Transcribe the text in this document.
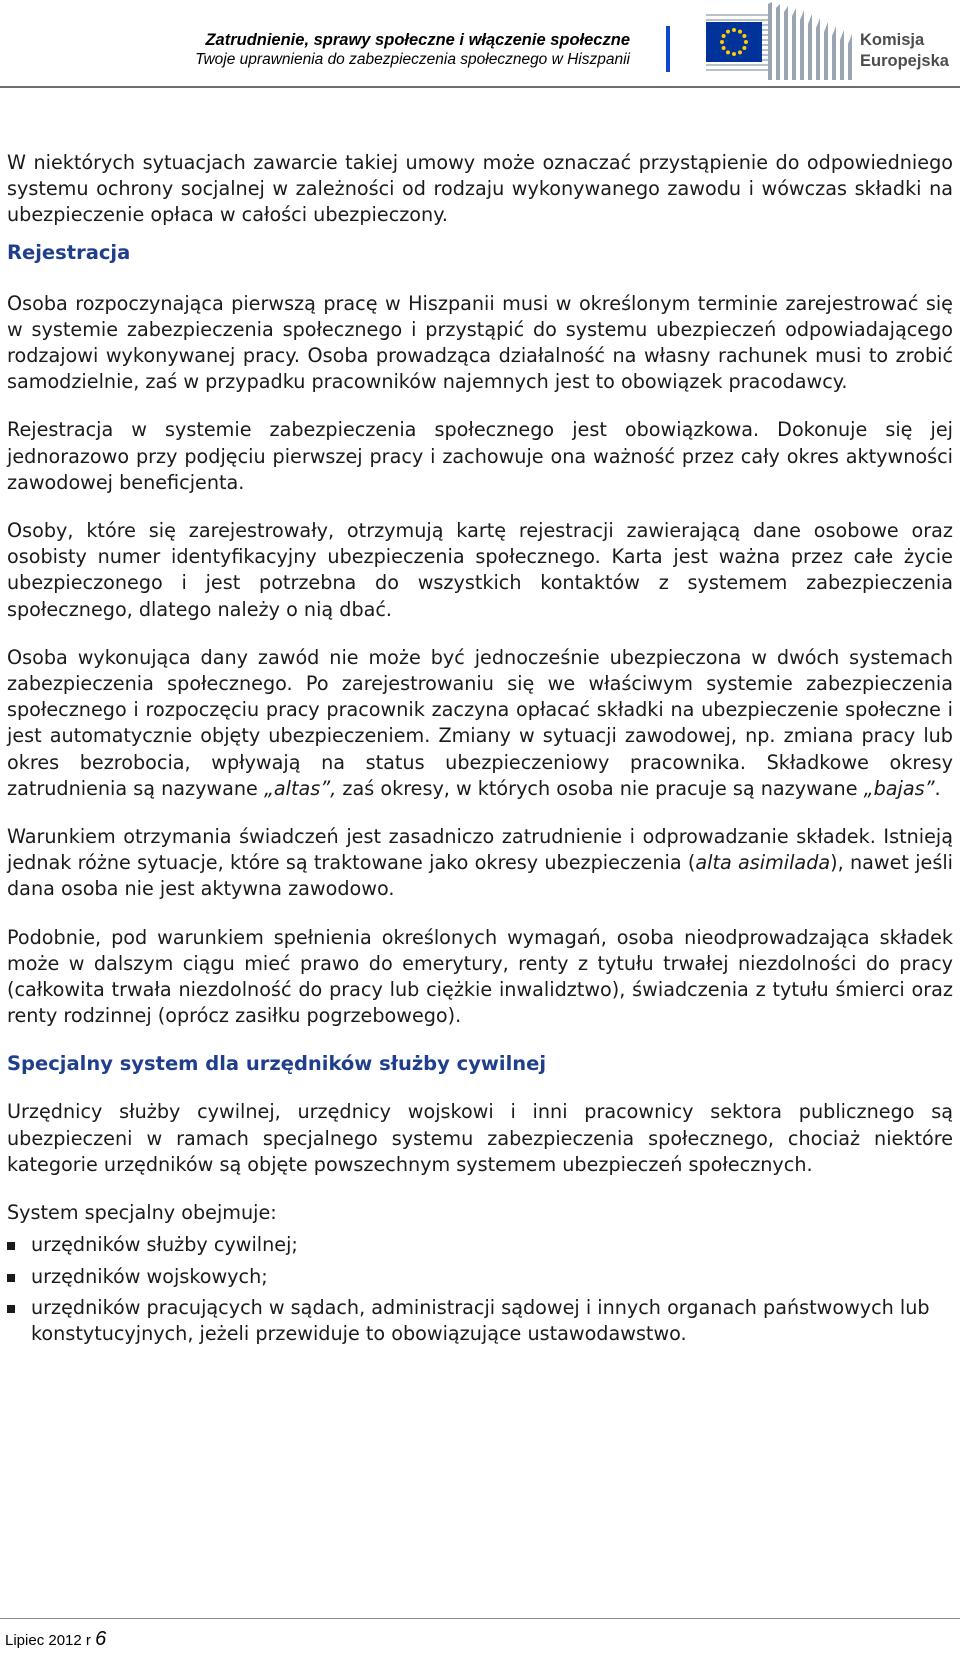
Zatrudnienie, sprawy społeczne i włączenie społeczne
Twoje uprawnienia do zabezpieczenia społecznego w Hiszpanii
Komisja
Europejska

W niektórych sytuacjach zawarcie takiej umowy może oznaczać przystąpienie do odpowiedniego systemu ochrony socjalnej w zależności od rodzaju wykonywanego zawodu i wówczas składki na ubezpieczenie opłaca w całości ubezpieczony.

Rejestracja

Osoba rozpoczynająca pierwszą pracę w Hiszpanii musi w określonym terminie zarejestrować się w systemie zabezpieczenia społecznego i przystąpić do systemu ubezpieczeń odpowiadającego rodzajowi wykonywanej pracy. Osoba prowadząca działalność na własny rachunek musi to zrobić samodzielnie, zaś w przypadku pracowników najemnych jest to obowiązek pracodawcy.

Rejestracja w systemie zabezpieczenia społecznego jest obowiązkowa. Dokonuje się jej jednorazowo przy podjęciu pierwszej pracy i zachowuje ona ważność przez cały okres aktywności zawodowej beneficjenta.

Osoby, które się zarejestrowały, otrzymują kartę rejestracji zawierającą dane osobowe oraz osobisty numer identyfikacyjny ubezpieczenia społecznego. Karta jest ważna przez całe życie ubezpieczonego i jest potrzebna do wszystkich kontaktów z systemem zabezpieczenia społecznego, dlatego należy o nią dbać.

Osoba wykonująca dany zawód nie może być jednocześnie ubezpieczona w dwóch systemach zabezpieczenia społecznego. Po zarejestrowaniu się we właściwym systemie zabezpieczenia społecznego i rozpoczęciu pracy pracownik zaczyna opłacać składki na ubezpieczenie społeczne i jest automatycznie objęty ubezpieczeniem. Zmiany w sytuacji zawodowej, np. zmiana pracy lub okres bezrobocia, wpływają na status ubezpieczeniowy pracownika. Składkowe okresy zatrudnienia są nazywane „altas”, zaś okresy, w których osoba nie pracuje są nazywane „bajas”.

Warunkiem otrzymania świadczeń jest zasadniczo zatrudnienie i odprowadzanie składek. Istnieją jednak różne sytuacje, które są traktowane jako okresy ubezpieczenia (alta asimilada), nawet jeśli dana osoba nie jest aktywna zawodowo.

Podobnie, pod warunkiem spełnienia określonych wymagań, osoba nieodprowadzająca składek może w dalszym ciągu mieć prawo do emerytury, renty z tytułu trwałej niezdolności do pracy (całkowita trwała niezdolność do pracy lub ciężkie inwalidztwo), świadczenia z tytułu śmierci oraz renty rodzinnej (oprócz zasiłku pogrzebowego).

Specjalny system dla urzędników służby cywilnej

Urzędnicy służby cywilnej, urzędnicy wojskowi i inni pracownicy sektora publicznego są ubezpieczeni w ramach specjalnego systemu zabezpieczenia społecznego, chociaż niektóre kategorie urzędników są objęte powszechnym systemem ubezpieczeń społecznych.

System specjalny obejmuje:

urzędników służby cywilnej;
urzędników wojskowych;
urzędników pracujących w sądach, administracji sądowej i innych organach państwowych lub konstytucyjnych, jeżeli przewiduje to obowiązujące ustawodawstwo.
Lipiec 2012 r 6
